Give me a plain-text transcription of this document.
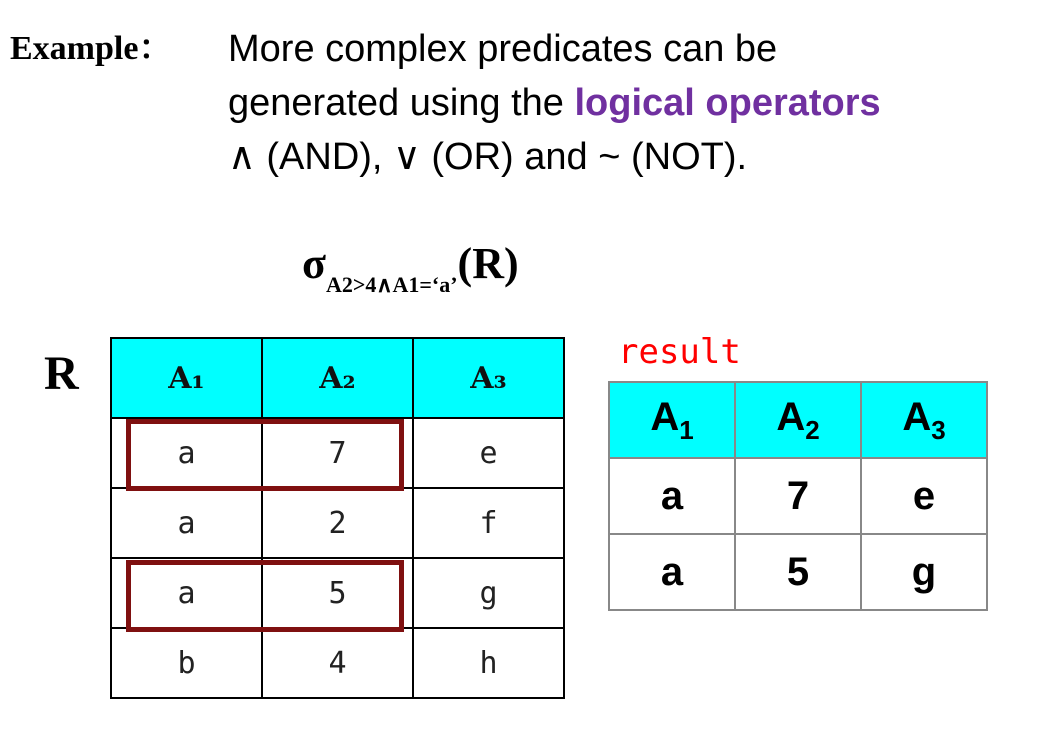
Example： More complex predicates can be
generated using the logical operators
∧ (AND), ∨ (OR) and ~ (NOT).
σA2>4∧A1=‘a’(R)
R	A₁	A₂	A₃
a	7	e
a	2	f
a	5	g
b	4	h
result
$A_1$	$A_2$	$A_3$
a	7	e
a	5	g
